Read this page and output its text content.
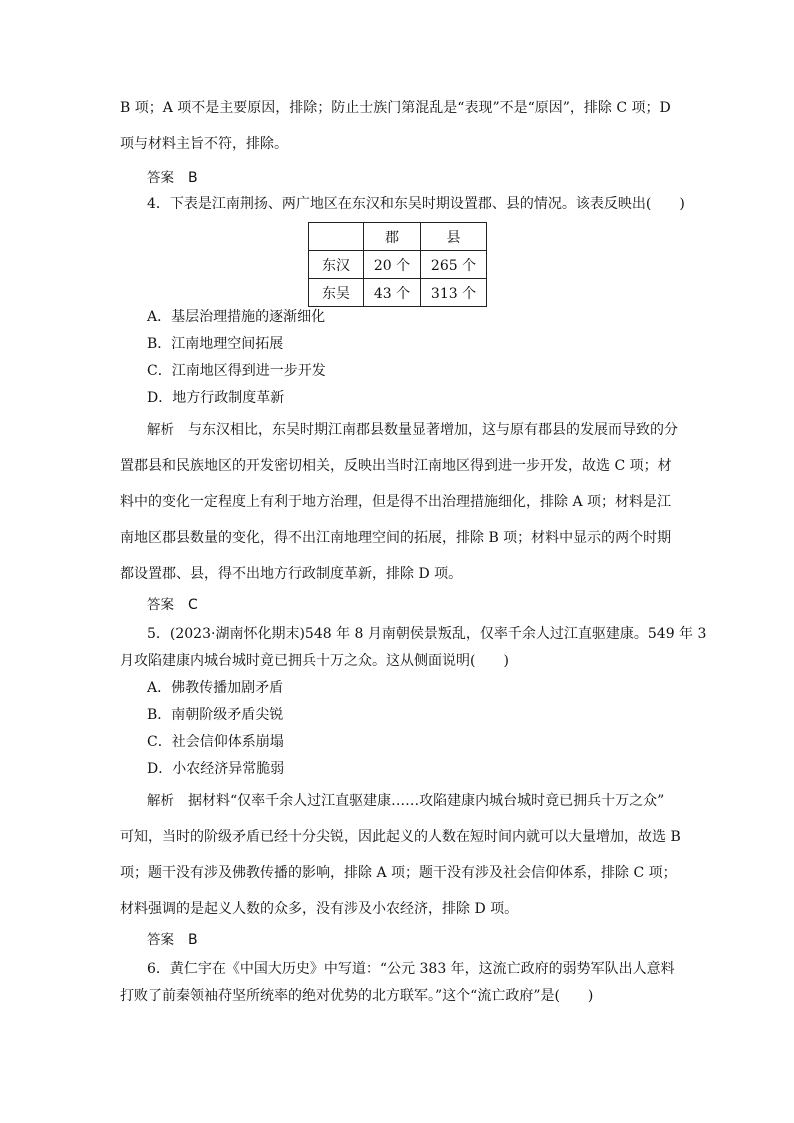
B 项；A 项不是主要原因，排除；防止士族门第混乱是“表现”不是“原因”，排除 C 项；D
项与材料主旨不符，排除。
答案 B
4．下表是江南荆扬、两广地区在东汉和东吴时期设置郡、县的情况。该表反映出(　　)
	郡	县
东汉	20 个	265 个
东吴	43 个	313 个
A．基层治理措施的逐渐细化
B．江南地理空间拓展
C．江南地区得到进一步开发
D．地方行政制度革新
解析 与东汉相比，东吴时期江南郡县数量显著增加，这与原有郡县的发展而导致的分
置郡县和民族地区的开发密切相关，反映出当时江南地区得到进一步开发，故选 C 项；材
料中的变化一定程度上有利于地方治理，但是得不出治理措施细化，排除 A 项；材料是江
南地区郡县数量的变化，得不出江南地理空间的拓展，排除 B 项；材料中显示的两个时期
都设置郡、县，得不出地方行政制度革新，排除 D 项。
答案 C
5．(2023·湖南怀化期末)548 年 8 月南朝侯景叛乱，仅率千余人过江直驱建康。549 年 3
月攻陷建康内城台城时竟已拥兵十万之众。这从侧面说明(　　)
A．佛教传播加剧矛盾
B．南朝阶级矛盾尖锐
C．社会信仰体系崩塌
D．小农经济异常脆弱
解析 据材料“仅率千余人过江直驱建康……攻陷建康内城台城时竟已拥兵十万之众”
可知，当时的阶级矛盾已经十分尖锐，因此起义的人数在短时间内就可以大量增加，故选 B
项；题干没有涉及佛教传播的影响，排除 A 项；题干没有涉及社会信仰体系，排除 C 项；
材料强调的是起义人数的众多，没有涉及小农经济，排除 D 项。
答案 B
6．黄仁宇在《中国大历史》中写道：“公元 383 年，这流亡政府的弱势军队出人意料
打败了前秦领袖苻坚所统率的绝对优势的北方联军。”这个“流亡政府”是(　　)
